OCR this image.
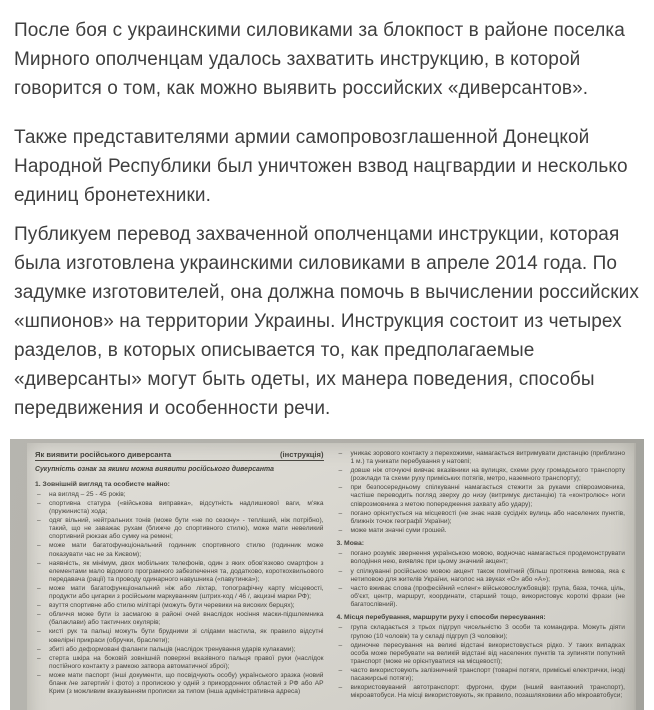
После боя с украинскими силовиками за блокпост в районе поселка Мирного ополченцам удалось захватить инструкцию, в которой говорится о том, как можно выявить российских «диверсантов».

Также представителями армии самопровозглашенной Донецкой Народной Республики был уничтожен взвод нацгвардии и несколько единиц бронетехники.

Публикуем перевод захваченной ополченцами инструкции, которая была изготовлена украинскими силовиками в апреле 2014 года. По задумке изготовителей, она должна помочь в вычислении российских «шпионов» на территории Украины. Инструкция состоит из четырех разделов, в которых описывается то, как предполагаемые «диверсанты» могут быть одеты, их манера поведения, способы передвижения и особенности речи.

Як виявити російського диверсанта	(інструкція)
Сукупність ознак за якими можна виявити російського диверсанта
1. Зовнішній вигляд та особисте майно:
– на вигляд – 25 - 45 років;
– спортивна статура («військова виправка», відсутність надлишкової ваги, м'яка (пружиниста) хода;
– одяг вільний, нейтральних тонів (може бути «не по сезону» - тепліший, ніж потрібно), такий, що не заважає рухам (ближче до спортивного стилю), може мати невеликий спортивний рюкзак або сумку на ремені;
– може мати багатофункціональний годинник спортивного стилю (годинник може показувати час не за Києвом);
– наявність, як мінімум, двох мобільних телефонів, один з яких обов'язково смартфон з елементами мало відомого програмного забезпечення та, додатково, короткохвильового передавача (рації) та проводу одинарного навушника («павутинка»);
– може мати багатофункціональний ніж або ліхтар, топографічну карту місцевості, продукти або цигарки з російським маркуванням (штрих-код / 46 /, акцизні марки РФ);
– взуття спортивне або стилю мілітарі (можуть бути черевики на високих берцях);
– обличчя може бути із засмагою в районі очей внаслідок носіння маски-підшлемника (балаклави) або тактичних окулярів;
– кисті рук та пальці можуть бути брудними зі слідами мастила, як правило відсутні ювелірні прикраси (обручки, браслети);
– збиті або деформовані фаланги пальців (наслідок тренування ударів кулаками);
– стерта шкіра на боковій зовнішній поверхні вказівного пальця правої руки (наслідок постійного контакту з рамкою затвора автоматичної зброї);
– може мати паспорт (інші документи, що посвідчують особу) українського зразка (новий бланк /не затертий/ і фото) з пропискою у одній з прикордонних областей з РФ або АР Крим (з можливим вказуванням прописки за типом (інша адміністративна адреса)
– уникає зорового контакту з перехожими, намагається витримувати дистанцію (приблизно 1 м.) та уникати перебування у натовпі;
– довше ніж оточуючі вивчає вказівники на вулицях, схеми руху громадського транспорту (розклади та схеми руху приміських потягів, метро, наземного транспорту);
– при безпосередньому спілкуванні намагається стежити за руками співрозмовника, частіше переводить погляд зверху до низу (витримує дистанцію) та «контролює» ноги співрозмовника з метою попередження захвату або удару);
– погано орієнтується на місцевості (не знає назв сусідніх вулиць або населених пунктів, ближніх точок географії України);
– може мати значні суми грошей.
3. Мова:
– погано розуміє звернення українською мовою, водночас намагається продемонструвати володіння нею, виявляє при цьому значний акцент;
– у спілкуванні російською мовою акцент також помітний (більш протяжна вимова, яка є нетиповою для жителів України, наголос на звуках «О» або «А»);
– часто вживає слова (професійний «сленг» військовослужбовців): група, база, точка, ціль, об'єкт, центр, маршрут, координати, старший тощо, використовує короткі фрази (не багатослівний).
4. Місця перебування, маршрути руху і способи пересування:
– група складається з трьох підгруп чисельністю 3 особи та командира. Можуть діяти групою (10 чоловік) та у складі підгруп (3 чоловіки);
– одиночне пересування на великі відстані використовується рідко. У таких випадках особа може перебувати на великій відстані від населених пунктів та зупиняти попутний транспорт (може не орієнтуватися на місцевості);
– часто використовують залізничний транспорт (товарні потяги, приміські електрички, іноді пасажирські потяги);
– використовуваний автотранспорт: фургони, фури (інший вантажний транспорт), мікроавтобуси. На місці використовують, як правило, позашляховики або мікроавтобуси;
